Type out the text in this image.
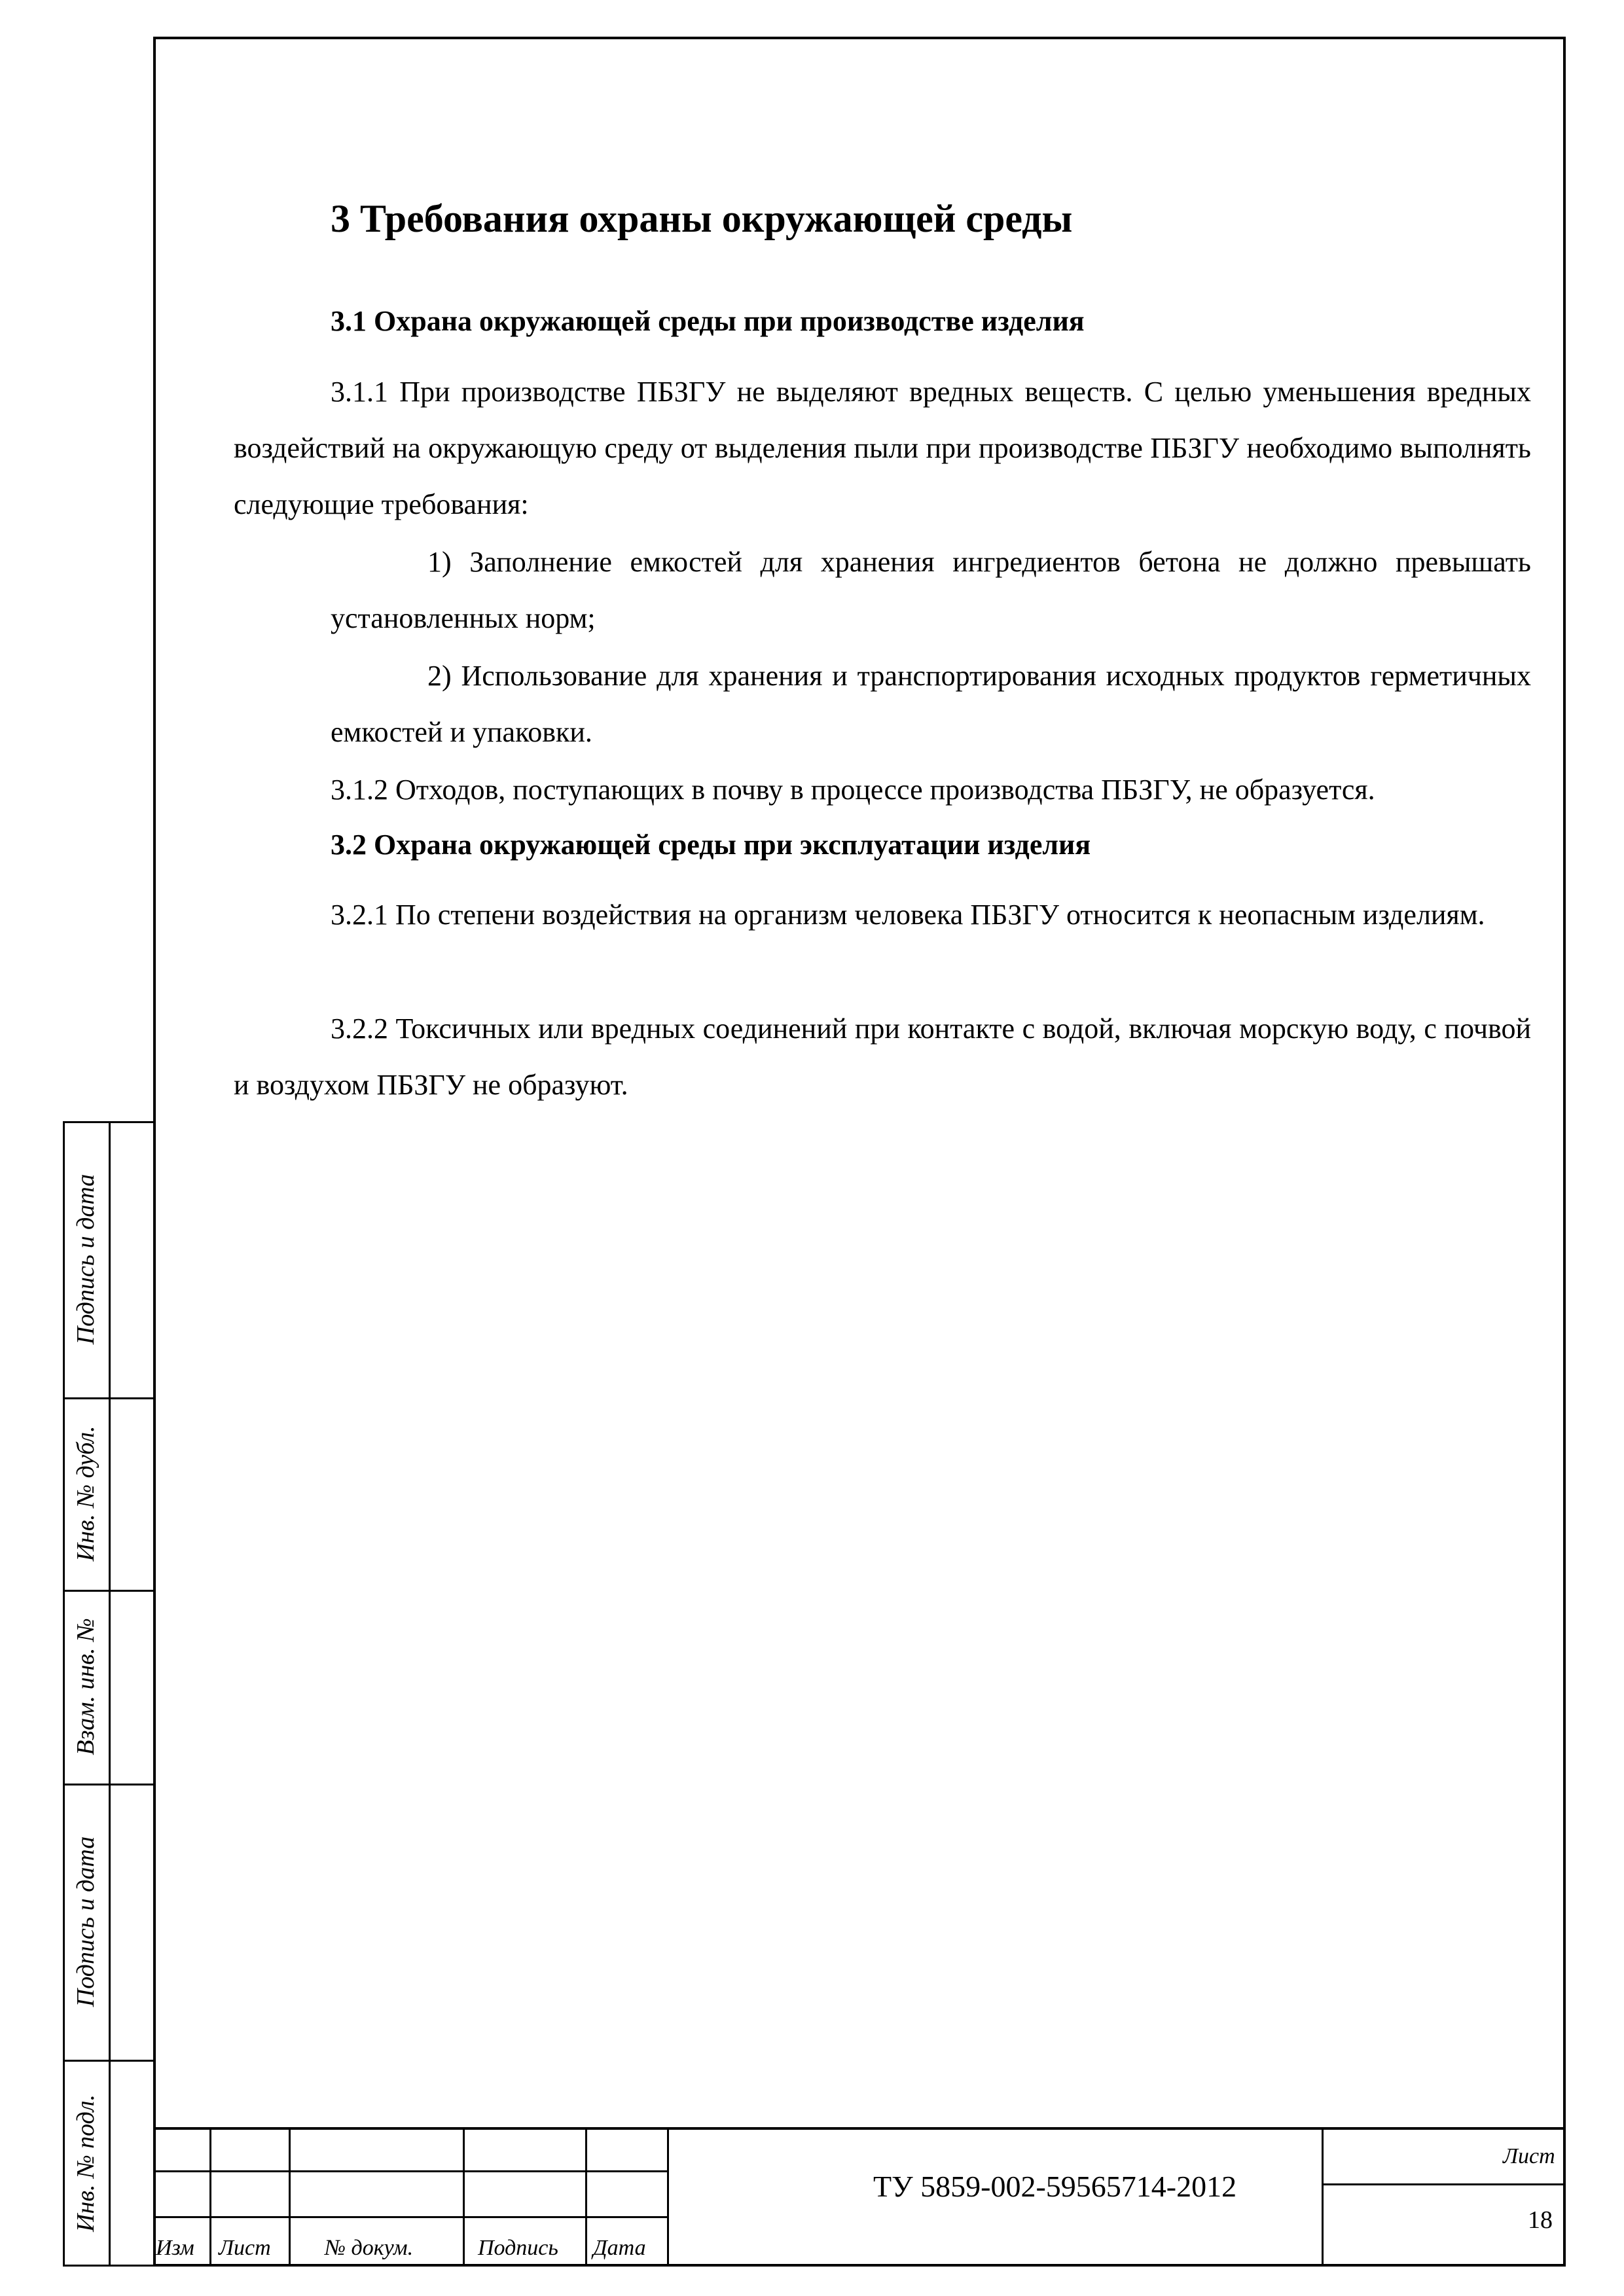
3 Требования охраны окружающей среды
3.1 Охрана окружающей среды при производстве изделия

3.1.1 При производстве ПБЗГУ не выделяют вредных веществ. С целью уменьшения вредных воздействий на окружающую среду от выделения пыли при производстве ПБЗГУ необходимо выполнять следующие требования:

1) Заполнение емкостей для хранения ингредиентов бетона не должно превышать установленных норм;

2) Использование для хранения и транспортирования исходных продуктов герметичных емкостей и упаковки.

3.1.2 Отходов, поступающих в почву в процессе производства ПБЗГУ, не образуется.

3.2 Охрана окружающей среды при эксплуатации изделия

3.2.1 По степени воздействия на организм человека ПБЗГУ относится к неопасным изделиям.

3.2.2 Токсичных или вредных соединений при контакте с водой, включая морскую воду, с почвой и воздухом ПБЗГУ не образуют.

Подпись и дата
Инв. № дубл.
Взам. инв. №
Подпись и дата
Инв. № подл.
Изм Лист № докум.	Подпись Дата
ТУ 5859-002-59565714-2012
Лист
18
